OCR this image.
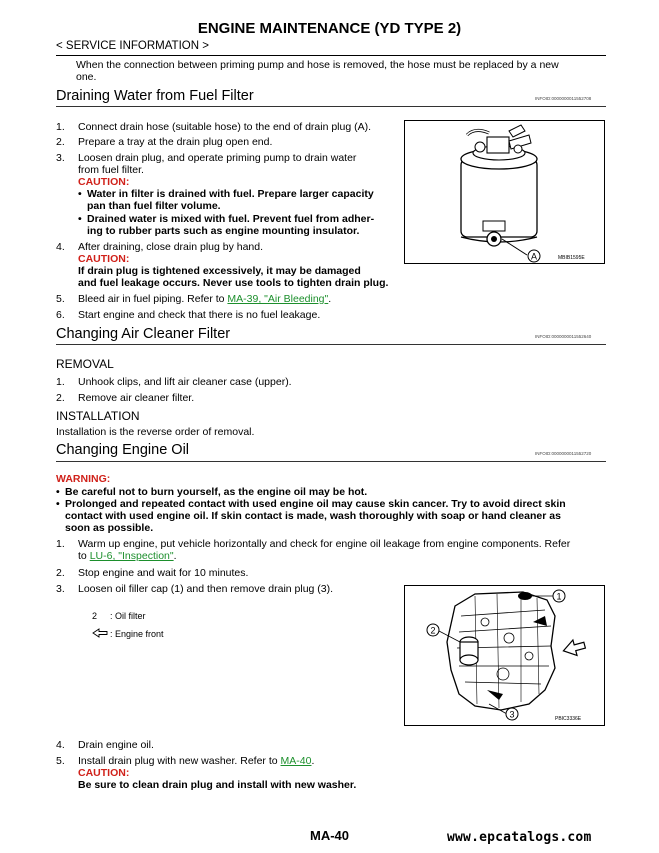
ENGINE MAINTENANCE (YD TYPE 2)
< SERVICE INFORMATION >
When the connection between priming pump and hose is removed, the hose must be replaced by a new
one.
Draining Water from Fuel Filter	INFOID:0000000011552708
1. Connect drain hose (suitable hose) to the end of drain plug (A).
2. Prepare a tray at the drain plug open end.
3. Loosen drain plug, and operate priming pump to drain water
from fuel filter.
CAUTION:
• Water in filter is drained with fuel. Prepare larger capacity
pan than fuel filter volume.
• Drained water is mixed with fuel. Prevent fuel from adher-
ing to rubber parts such as engine mounting insulator.
4. After draining, close drain plug by hand.
CAUTION:
If drain plug is tightened excessively, it may be damaged
and fuel leakage occurs. Never use tools to tighten drain plug.
5. Bleed air in fuel piping. Refer to MA-39, "Air Bleeding".
6. Start engine and check that there is no fuel leakage.
A	MBIB1595E
Changing Air Cleaner Filter	INFOID:0000000011552640
REMOVAL
1. Unhook clips, and lift air cleaner case (upper).
2. Remove air cleaner filter.
INSTALLATION
Installation is the reverse order of removal.
Changing Engine Oil	INFOID:0000000011552720
WARNING:
• Be careful not to burn yourself, as the engine oil may be hot.
• Prolonged and repeated contact with used engine oil may cause skin cancer. Try to avoid direct skin
contact with used engine oil. If skin contact is made, wash thoroughly with soap or hand cleaner as
soon as possible.
1. Warm up engine, put vehicle horizontally and check for engine oil leakage from engine components. Refer
to LU-6, "Inspection".
2. Stop engine and wait for 10 minutes.
3. Loosen oil filler cap (1) and then remove drain plug (3).
2 : Oil filter
: Engine front
1
2
3	PBIC3336E
4. Drain engine oil.
5. Install drain plug with new washer. Refer to MA-40.
CAUTION:
Be sure to clean drain plug and install with new washer.
MA-40	www.epcatalogs.com
